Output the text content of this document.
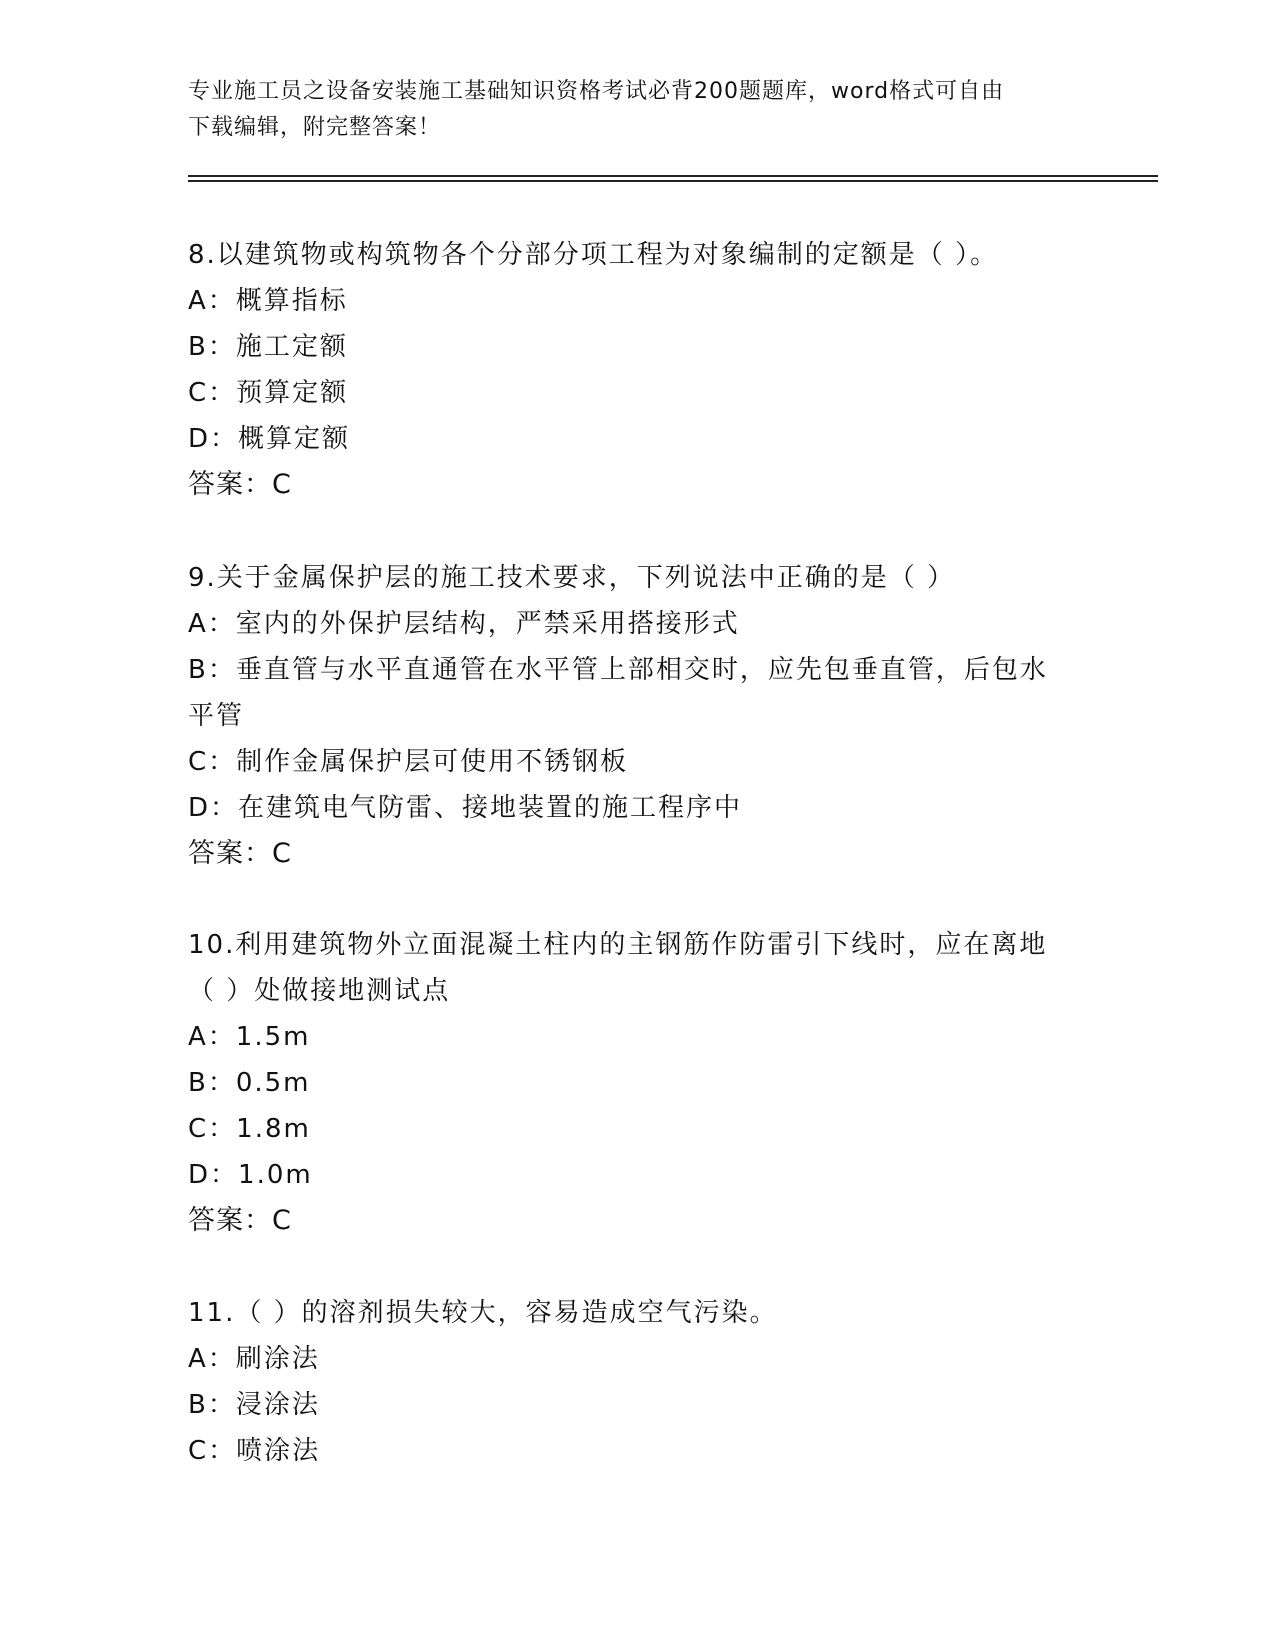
专业施工员之设备安装施工基础知识资格考试必背200题题库，word格式可自由
下载编辑，附完整答案！
8.以建筑物或构筑物各个分部分项工程为对象编制的定额是（ ）。
A：概算指标
B：施工定额
C：预算定额
D：概算定额
答案：C
9.关于金属保护层的施工技术要求，下列说法中正确的是（ ）
A：室内的外保护层结构，严禁采用搭接形式
B：垂直管与水平直通管在水平管上部相交时，应先包垂直管，后包水
平管
C：制作金属保护层可使用不锈钢板
D：在建筑电气防雷、接地装置的施工程序中
答案：C
10.利用建筑物外立面混凝土柱内的主钢筋作防雷引下线时，应在离地
（ ）处做接地测试点
A：1.5m
B：0.5m
C：1.8m
D：1.0m
答案：C
11.（ ）的溶剂损失较大，容易造成空气污染。
A：刷涂法
B：浸涂法
C：喷涂法
